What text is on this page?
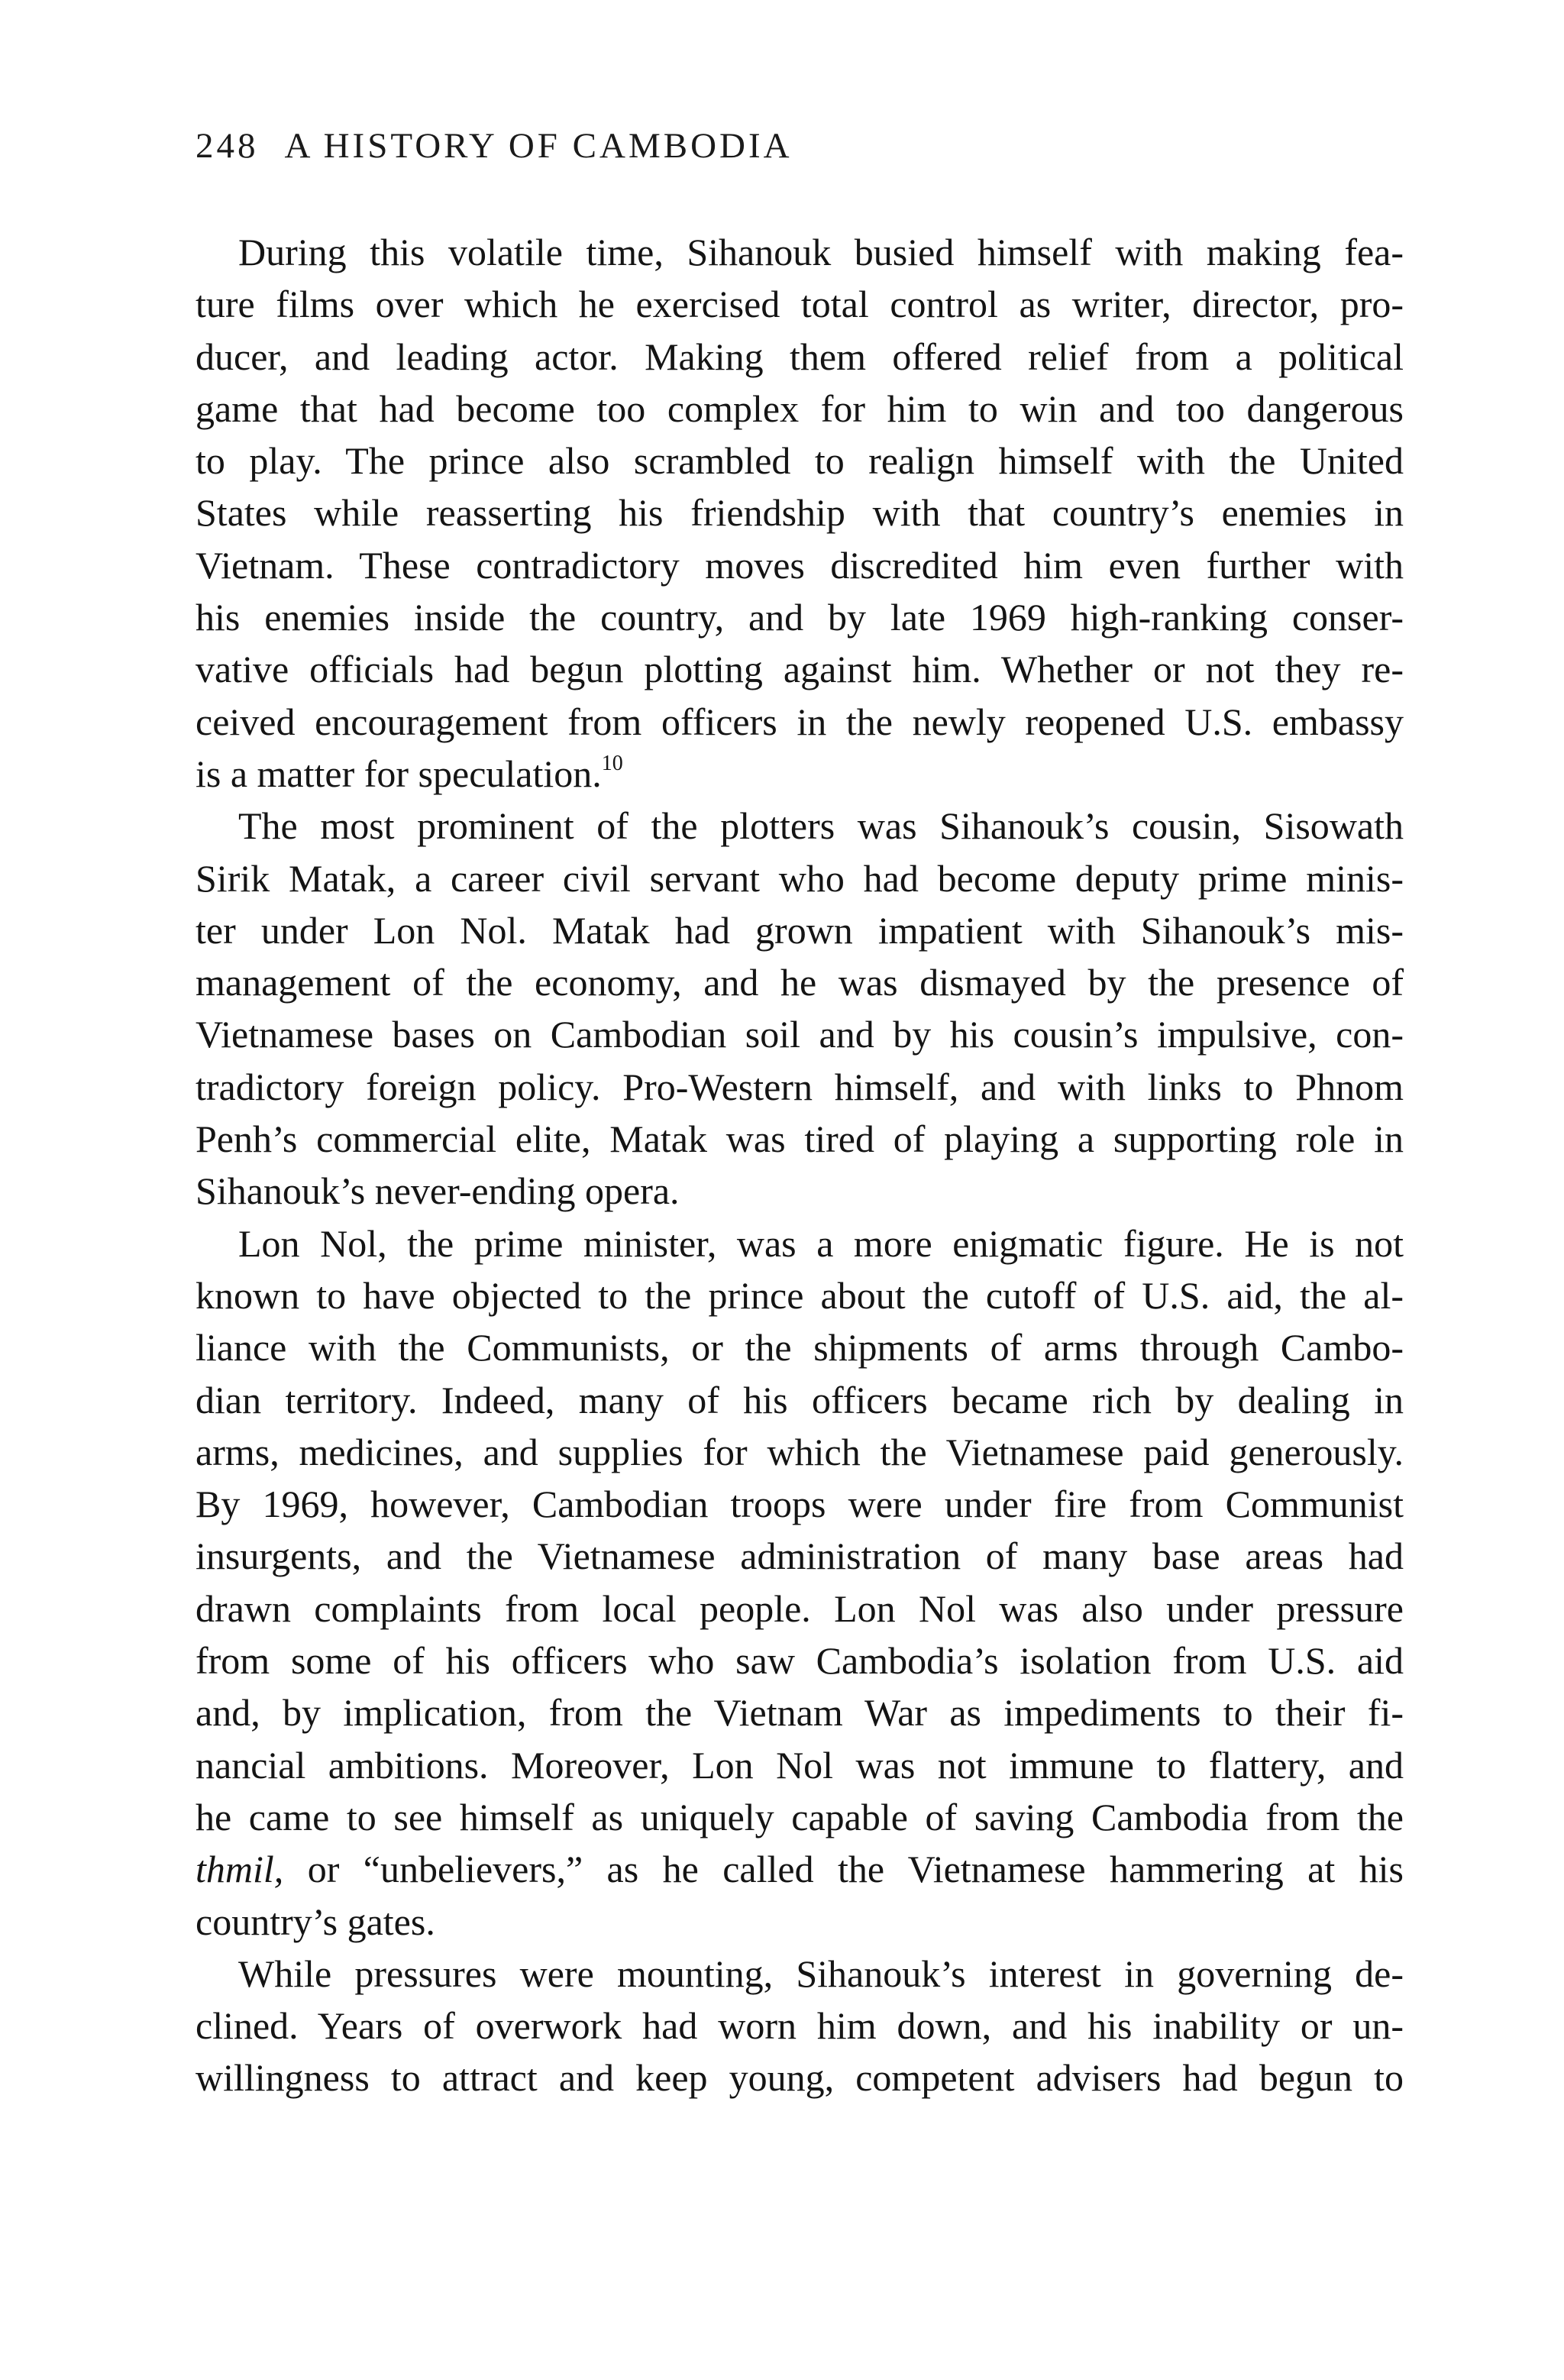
248 A HISTORY OF CAMBODIA
During this volatile time, Sihanouk busied himself with making fea-
ture films over which he exercised total control as writer, director, pro-
ducer, and leading actor. Making them offered relief from a political
game that had become too complex for him to win and too dangerous
to play. The prince also scrambled to realign himself with the United
States while reasserting his friendship with that country’s enemies in
Vietnam. These contradictory moves discredited him even further with
his enemies inside the country, and by late 1969 high-ranking conser-
vative officials had begun plotting against him. Whether or not they re-
ceived encouragement from officers in the newly reopened U.S. embassy
is a matter for speculation.$^{10}$
The most prominent of the plotters was Sihanouk’s cousin, Sisowath
Sirik Matak, a career civil servant who had become deputy prime minis-
ter under Lon Nol. Matak had grown impatient with Sihanouk’s mis-
management of the economy, and he was dismayed by the presence of
Vietnamese bases on Cambodian soil and by his cousin’s impulsive, con-
tradictory foreign policy. Pro-Western himself, and with links to Phnom
Penh’s commercial elite, Matak was tired of playing a supporting role in
Sihanouk’s never-ending opera.
Lon Nol, the prime minister, was a more enigmatic figure. He is not
known to have objected to the prince about the cutoff of U.S. aid, the al-
liance with the Communists, or the shipments of arms through Cambo-
dian territory. Indeed, many of his officers became rich by dealing in
arms, medicines, and supplies for which the Vietnamese paid generously.
By 1969, however, Cambodian troops were under fire from Communist
insurgents, and the Vietnamese administration of many base areas had
drawn complaints from local people. Lon Nol was also under pressure
from some of his officers who saw Cambodia’s isolation from U.S. aid
and, by implication, from the Vietnam War as impediments to their fi-
nancial ambitions. Moreover, Lon Nol was not immune to flattery, and
he came to see himself as uniquely capable of saving Cambodia from the
thmil, or “unbelievers,” as he called the Vietnamese hammering at his
country’s gates.
While pressures were mounting, Sihanouk’s interest in governing de-
clined. Years of overwork had worn him down, and his inability or un-
willingness to attract and keep young, competent advisers had begun to
